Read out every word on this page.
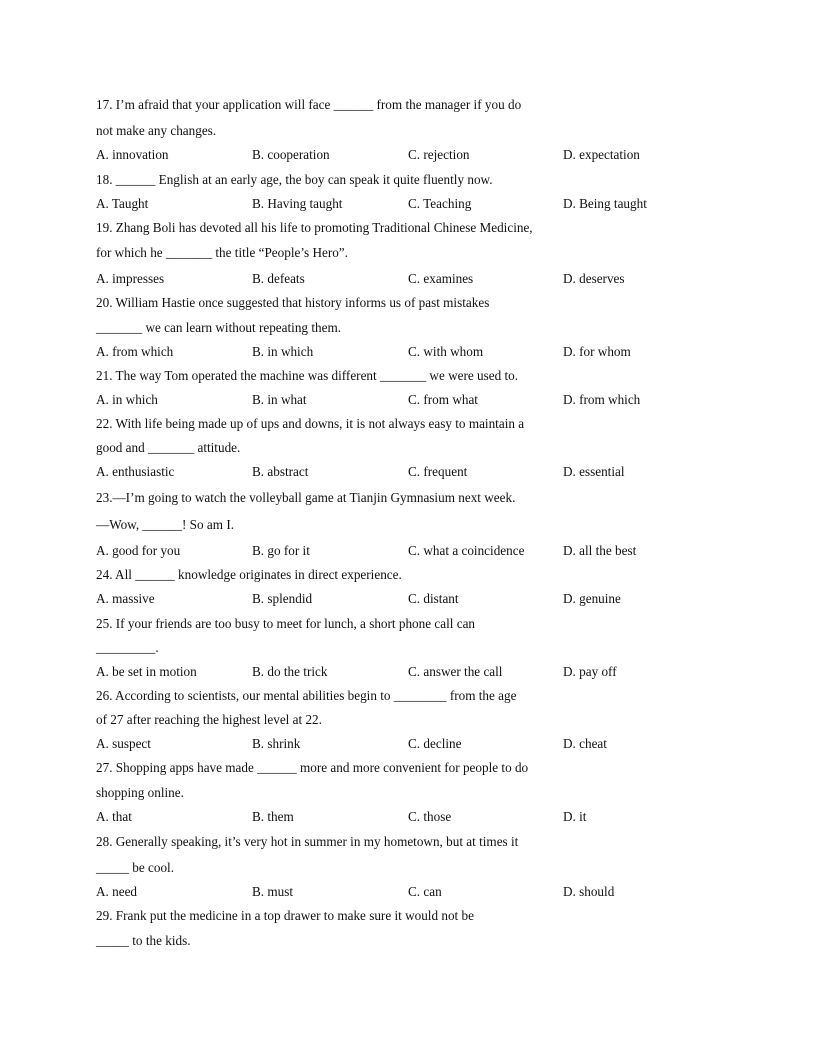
17. I’m afraid that your application will face ______ from the manager if you do
not make any changes.
A. innovation	B. cooperation	C. rejection	D. expectation
18. ______ English at an early age, the boy can speak it quite fluently now.
A. Taught	B. Having taught	C. Teaching	D. Being taught
19. Zhang Boli has devoted all his life to promoting Traditional Chinese Medicine,
for which he _______ the title “People’s Hero”.
A. impresses	B. defeats	C. examines	D. deserves
20. William Hastie once suggested that history informs us of past mistakes
_______ we can learn without repeating them.
A. from which	B. in which	C. with whom	D. for whom
21. The way Tom operated the machine was different _______ we were used to.
A. in which	B. in what	C. from what	D. from which
22. With life being made up of ups and downs, it is not always easy to maintain a
good and _______ attitude.
A. enthusiastic	B. abstract	C. frequent	D. essential
23.—I’m going to watch the volleyball game at Tianjin Gymnasium next week.
—Wow, ______! So am I.
A. good for you	B. go for it	C. what a coincidence	D. all the best
24. All ______ knowledge originates in direct experience.
A. massive	B. splendid	C. distant	D. genuine
25. If your friends are too busy to meet for lunch, a short phone call can
_________.
A. be set in motion	B. do the trick	C. answer the call	D. pay off
26. According to scientists, our mental abilities begin to ________ from the age
of 27 after reaching the highest level at 22.
A. suspect	B. shrink	C. decline	D. cheat
27. Shopping apps have made ______ more and more convenient for people to do
shopping online.
A. that	B. them	C. those	D. it
28. Generally speaking, it’s very hot in summer in my hometown, but at times it
_____ be cool.
A. need	B. must	C. can	D. should
29. Frank put the medicine in a top drawer to make sure it would not be
_____ to the kids.
